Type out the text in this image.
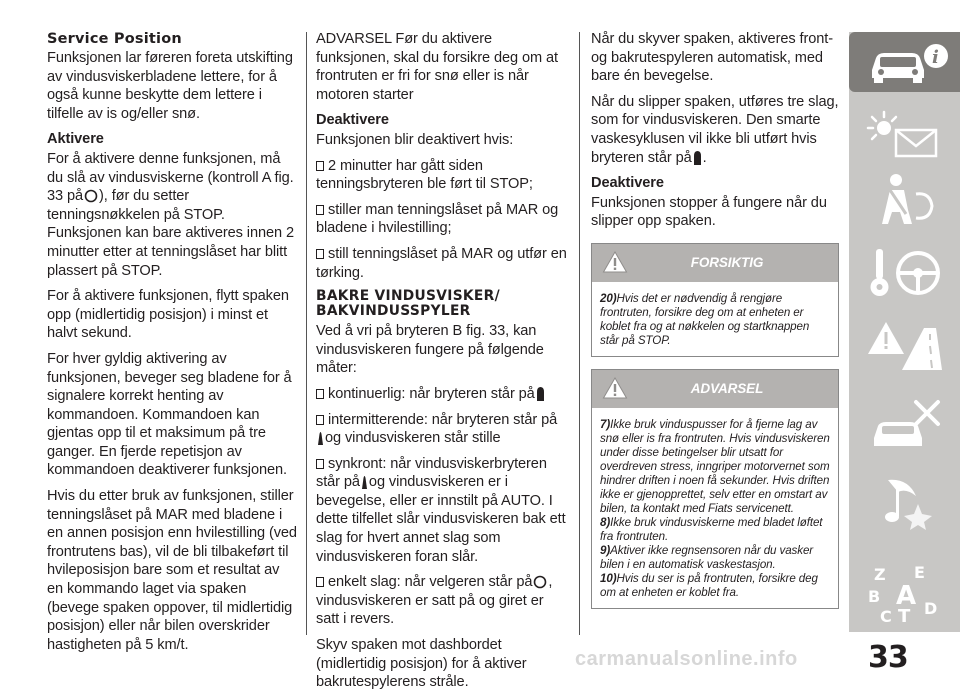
Service Position

Funksjonen lar føreren foreta utskifting av vindusviskerbladene lettere, for å også kunne beskytte dem lettere i tilfelle av is og/eller snø.

Aktivere

For å aktivere denne funksjonen, må du slå av vindusviskerne (kontroll A fig. 33 på ), før du setter tenningsnøkkelen på STOP. Funksjonen kan bare aktiveres innen 2 minutter etter at tenningslåset har blitt plassert på STOP.

For å aktivere funksjonen, flytt spaken opp (midlertidig posisjon) i minst et halvt sekund.

For hver gyldig aktivering av funksjonen, beveger seg bladene for å signalere korrekt henting av kommandoen. Kommandoen kan gjentas opp til et maksimum på tre ganger. En fjerde repetisjon av kommandoen deaktiverer funksjonen.

Hvis du etter bruk av funksjonen, stiller tenningslåset på MAR med bladene i en annen posisjon enn hvilestilling (ved frontrutens bas), vil de bli tilbakeført til hvileposisjon bare som et resultat av en kommando laget via spaken (bevege spaken oppover, til midlertidig posisjon) eller når bilen overskrider hastigheten på 5 km/t.

ADVARSEL Før du aktivere funksjonen, skal du forsikre deg om at frontruten er fri for snø eller is når motoren starter

Deaktivere

Funksjonen blir deaktivert hvis:

2 minutter har gått siden tenningsbryteren ble ført til STOP;

stiller man tenningslåset på MAR og bladene i hvilestilling;

still tenningslåset på MAR og utfør en tørking.

BAKRE VINDUSVISKER/ BAKVINDUSSPYLER

Ved å vri på bryteren B fig. 33, kan vindusviskeren fungere på følgende måter:

kontinuerlig: når bryteren står på

intermitterende: når bryteren står på
og vindusviskeren står stille

synkront: når vindusviskerbryteren står på og vindusviskeren er i bevegelse, eller er innstilt på AUTO. I dette tilfellet slår vindusviskeren bak ett slag for hvert annet slag som vindusviskeren foran slår.

enkelt slag: når velgeren står på , vindusviskeren er satt på og giret er satt i revers.

Skyv spaken mot dashbordet (midlertidig posisjon) for å aktiver bakrutespylerens stråle.

Når du skyver spaken, aktiveres front- og bakrutespyleren automatisk, med bare én bevegelse.

Når du slipper spaken, utføres tre slag, som for vindusviskeren. Den smarte vaskesyklusen vil ikke bli utført hvis bryteren står på .

Deaktivere

Funksjonen stopper å fungere når du slipper opp spaken.

FORSIKTIG

20)Hvis det er nødvendig å rengjøre frontruten, forsikre deg om at enheten er koblet fra og at nøkkelen og startknappen står på STOP.

ADVARSEL

7)Ikke bruk vinduspusser for å fjerne lag av snø eller is fra frontruten. Hvis vindusviskeren under disse betingelser blir utsatt for overdreven stress, inngriper motorvernet som hindrer driften i noen få sekunder. Hvis driften ikke er gjenopprettet, selv etter en omstart av bilen, ta kontakt med Fiats servicenett.

8)Ikke bruk vindusviskerne med bladet løftet fra frontruten.

9)Aktiver ikke regnsensoren når du vasker bilen i en automatisk vaskestasjon.

10)Hvis du ser is på frontruten, forsikre deg om at enheten er koblet fra.

i
Z E
B A
C T D
33
carmanualsonline.info
